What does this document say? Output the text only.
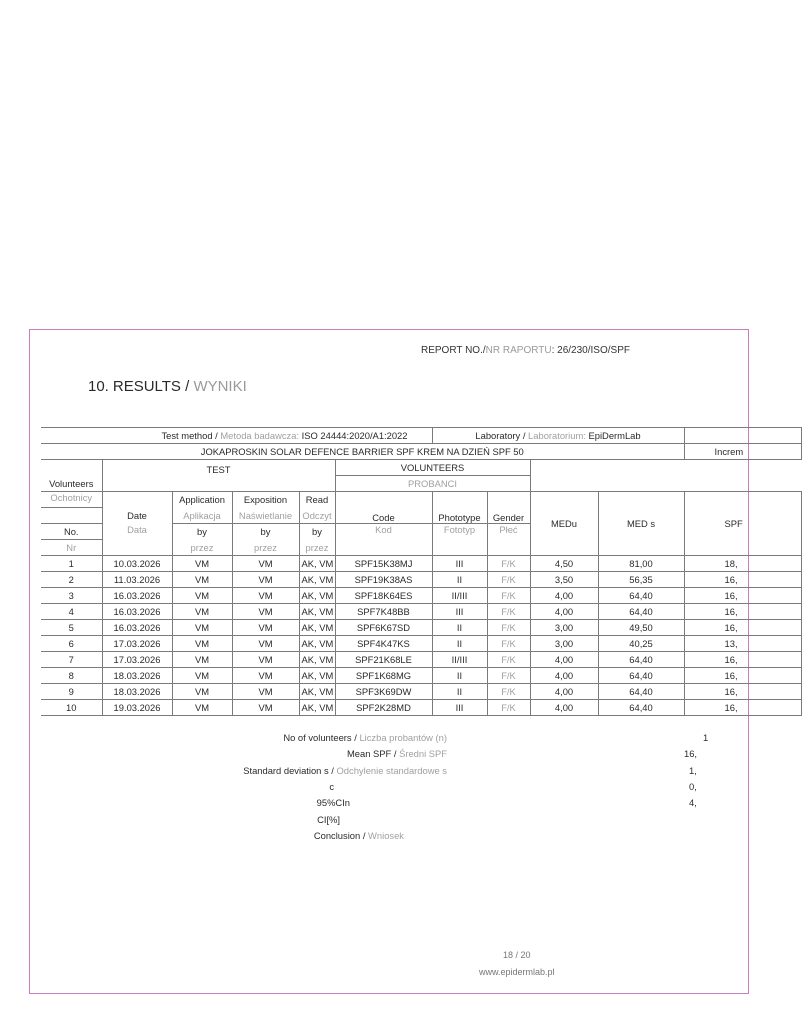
REPORT NO./NR RAPORTU: 26/230/ISO/SPF
10. RESULTS / WYNIKI
Test method / Metoda badawcza: ISO 24444:2020/A1:2022						Laboratory / Laboratorium: EpiDermLab				
JOKAPROSKIN SOLAR DEFENCE BARRIER SPF KREM NA DZIEŃ SPF 50										Increm
Volunteers	TEST				VOLUNTEERS					
					PROBANCI					
Ochotnicy		Application	Exposition	Read	Code	Phototype	Gender	MEDu	MED s	SPF
	Date	Aplikacja	Naświetlanie	Odczyt						
No.	Data	by	by	by	Kod	Fototyp	Płeć			
Nr		przez	przez	przez						
1	10.03.2026	VM	VM	AK, VM	SPF15K38MJ	III	F/K	4,50	81,00	18,
2	11.03.2026	VM	VM	AK, VM	SPF19K38AS	II	F/K	3,50	56,35	16,
3	16.03.2026	VM	VM	AK, VM	SPF18K64ES	II/III	F/K	4,00	64,40	16,
4	16.03.2026	VM	VM	AK, VM	SPF7K48BB	III	F/K	4,00	64,40	16,
5	16.03.2026	VM	VM	AK, VM	SPF6K67SD	II	F/K	3,00	49,50	16,
6	17.03.2026	VM	VM	AK, VM	SPF4K47KS	II	F/K	3,00	40,25	13,
7	17.03.2026	VM	VM	AK, VM	SPF21K68LE	II/III	F/K	4,00	64,40	16,
8	18.03.2026	VM	VM	AK, VM	SPF1K68MG	II	F/K	4,00	64,40	16,
9	18.03.2026	VM	VM	AK, VM	SPF3K69DW	II	F/K	4,00	64,40	16,
10	19.03.2026	VM	VM	AK, VM	SPF2K28MD	III	F/K	4,00	64,40	16,
No of volunteers / Liczba probantów (n)	1
Mean SPF / Średni SPF	16,
Standard deviation s / Odchylenie standardowe s	1,
c	0,
95%CIn	4,
CI[%]
Conclusion / Wniosek
18 / 20
www.epidermlab.pl
